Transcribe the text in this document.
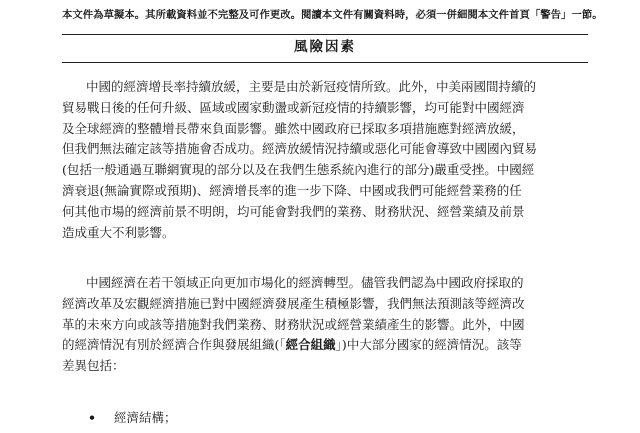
本文件為草擬本。其所載資料並不完整及可作更改。閱讀本文件有關資料時，必須一併細閱本文件首頁「警告」一節。
風險因素
中國的經濟增長率持續放緩，主要是由於新冠疫情所致。此外，中美兩國間持續的
貿易戰日後的任何升級、區域或國家動盪或新冠疫情的持續影響，均可能對中國經濟
及全球經濟的整體增長帶來負面影響。雖然中國政府已採取多項措施應對經濟放緩，
但我們無法確定該等措施會否成功。經濟放緩情況持續或惡化可能會導致中國國內貿易
(包括一般通過互聯網實現的部分以及在我們生態系統內進行的部分)嚴重受挫。中國經
濟衰退(無論實際或預期)、經濟增長率的進一步下降、中國或我們可能經營業務的任
何其他市場的經濟前景不明朗，均可能會對我們的業務、財務狀況、經營業績及前景
造成重大不利影響。
中國經濟在若干領域正向更加市場化的經濟轉型。儘管我們認為中國政府採取的
經濟改革及宏觀經濟措施已對中國經濟發展產生積極影響，我們無法預測該等經濟改
革的未來方向或該等措施對我們業務、財務狀況或經營業績產生的影響。此外，中國
的經濟情況有別於經濟合作與發展組織(「經合組織」)中大部分國家的經濟情況。該等
差異包括：
• 經濟結構；
